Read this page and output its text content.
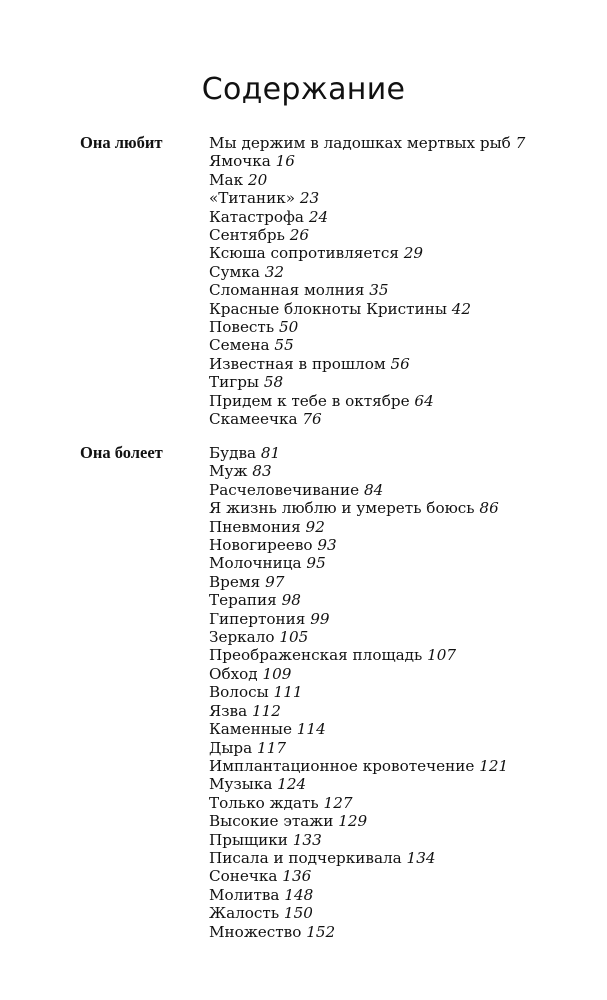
Содержание
Она любит	Мы держим в ладошках мертвых рыб 7
Ямочка 16
Мак 20
«Титаник» 23
Катастрофа 24
Сентябрь 26
Ксюша сопротивляется 29
Сумка 32
Сломанная молния 35
Красные блокноты Кристины 42
Повесть 50
Семена 55
Известная в прошлом 56
Тигры 58
Придем к тебе в октябре 64
Скамеечка 76
Она болеет	Будва 81
Муж 83
Расчеловечивание 84
Я жизнь люблю и умереть боюсь 86
Пневмония 92
Новогиреево 93
Молочница 95
Время 97
Терапия 98
Гипертония 99
Зеркало 105
Преображенская площадь 107
Обход 109
Волосы 111
Язва 112
Каменные 114
Дыра 117
Имплантационное кровотечение 121
Музыка 124
Только ждать 127
Высокие этажи 129
Прыщики 133
Писала и подчеркивала 134
Сонечка 136
Молитва 148
Жалость 150
Множество 152
